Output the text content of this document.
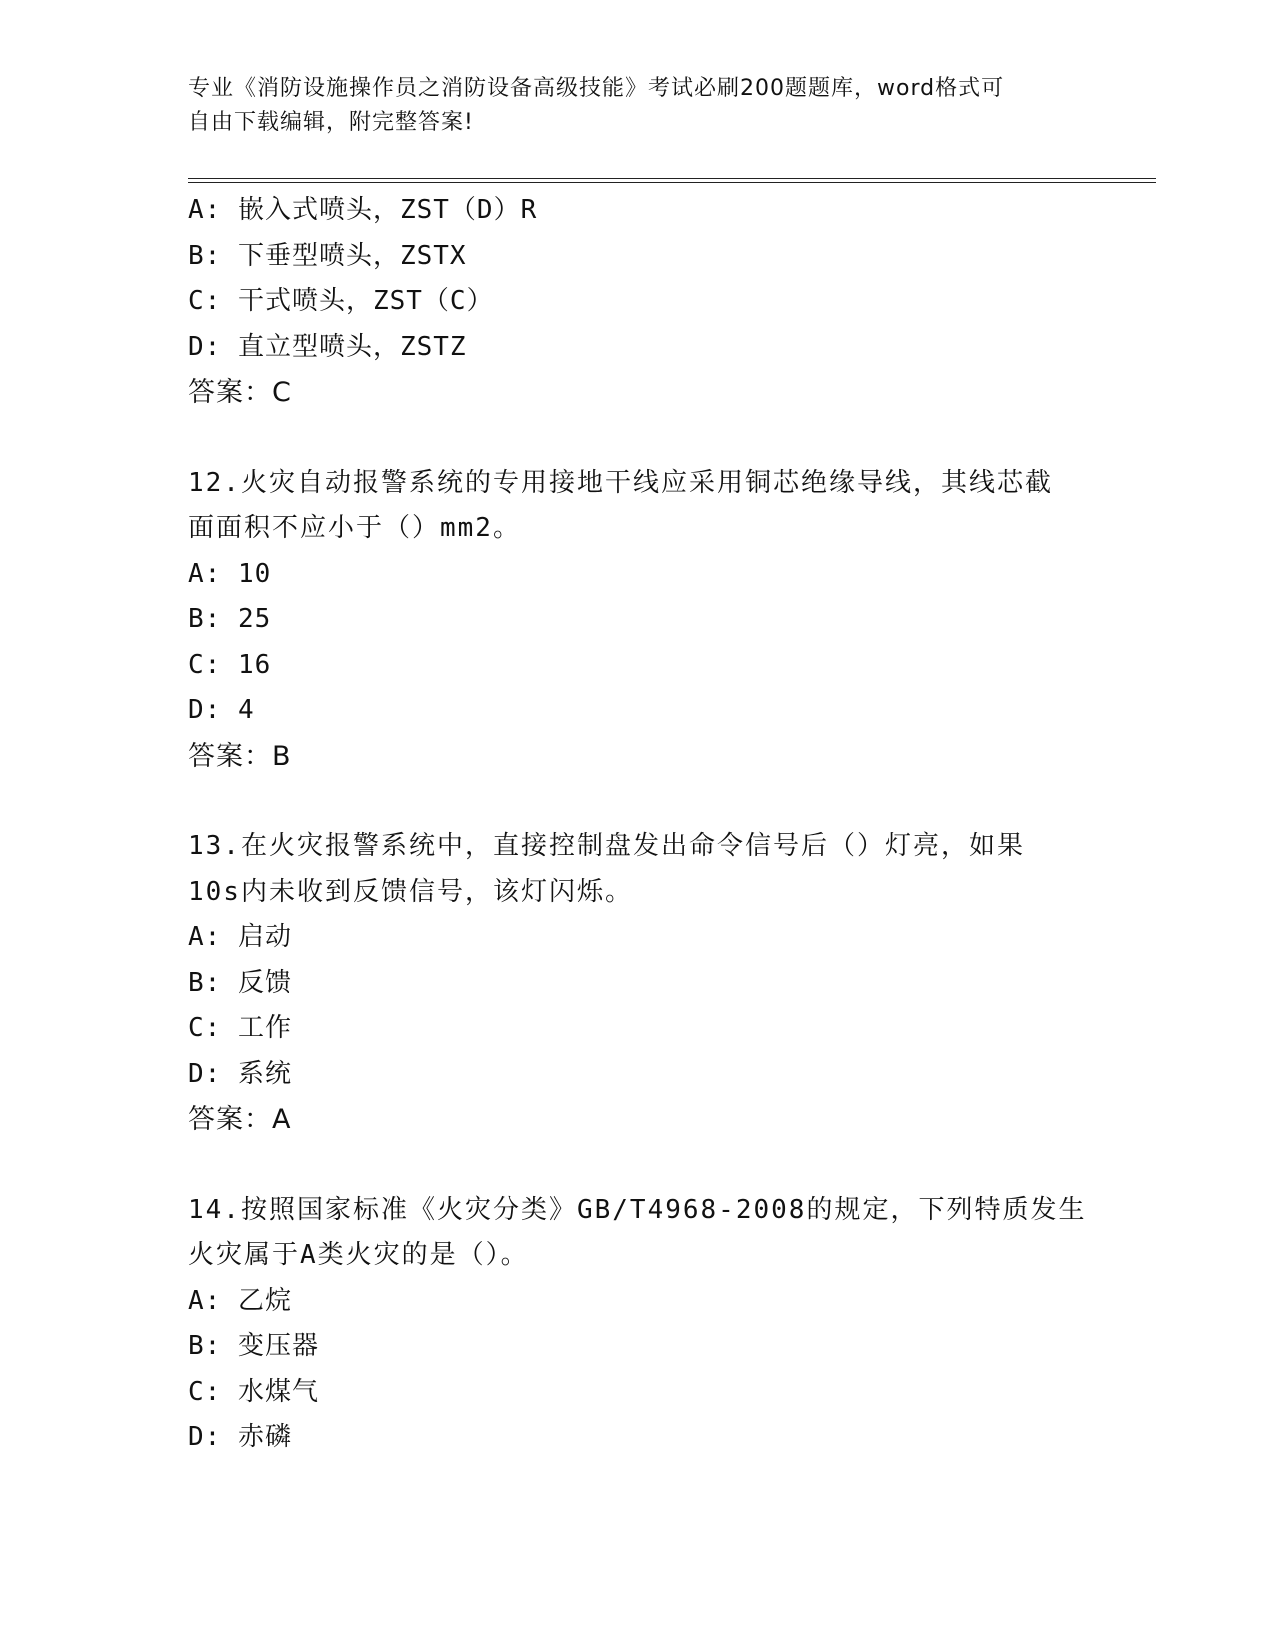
专业《消防设施操作员之消防设备高级技能》考试必刷200题题库，word格式可
自由下载编辑，附完整答案!
A: 嵌入式喷头，ZST（D）R
B: 下垂型喷头，ZSTX
C: 干式喷头，ZST（C）
D: 直立型喷头，ZSTZ
答案：C
12.火灾自动报警系统的专用接地干线应采用铜芯绝缘导线，其线芯截
面面积不应小于（）mm2。
A: 10
B: 25
C: 16
D: 4
答案：B
13.在火灾报警系统中，直接控制盘发出命令信号后（）灯亮，如果
10s内未收到反馈信号，该灯闪烁。
A: 启动
B: 反馈
C: 工作
D: 系统
答案：A
14.按照国家标准《火灾分类》GB/T4968-2008的规定，下列特质发生
火灾属于A类火灾的是（）。
A: 乙烷
B: 变压器
C: 水煤气
D: 赤磷
